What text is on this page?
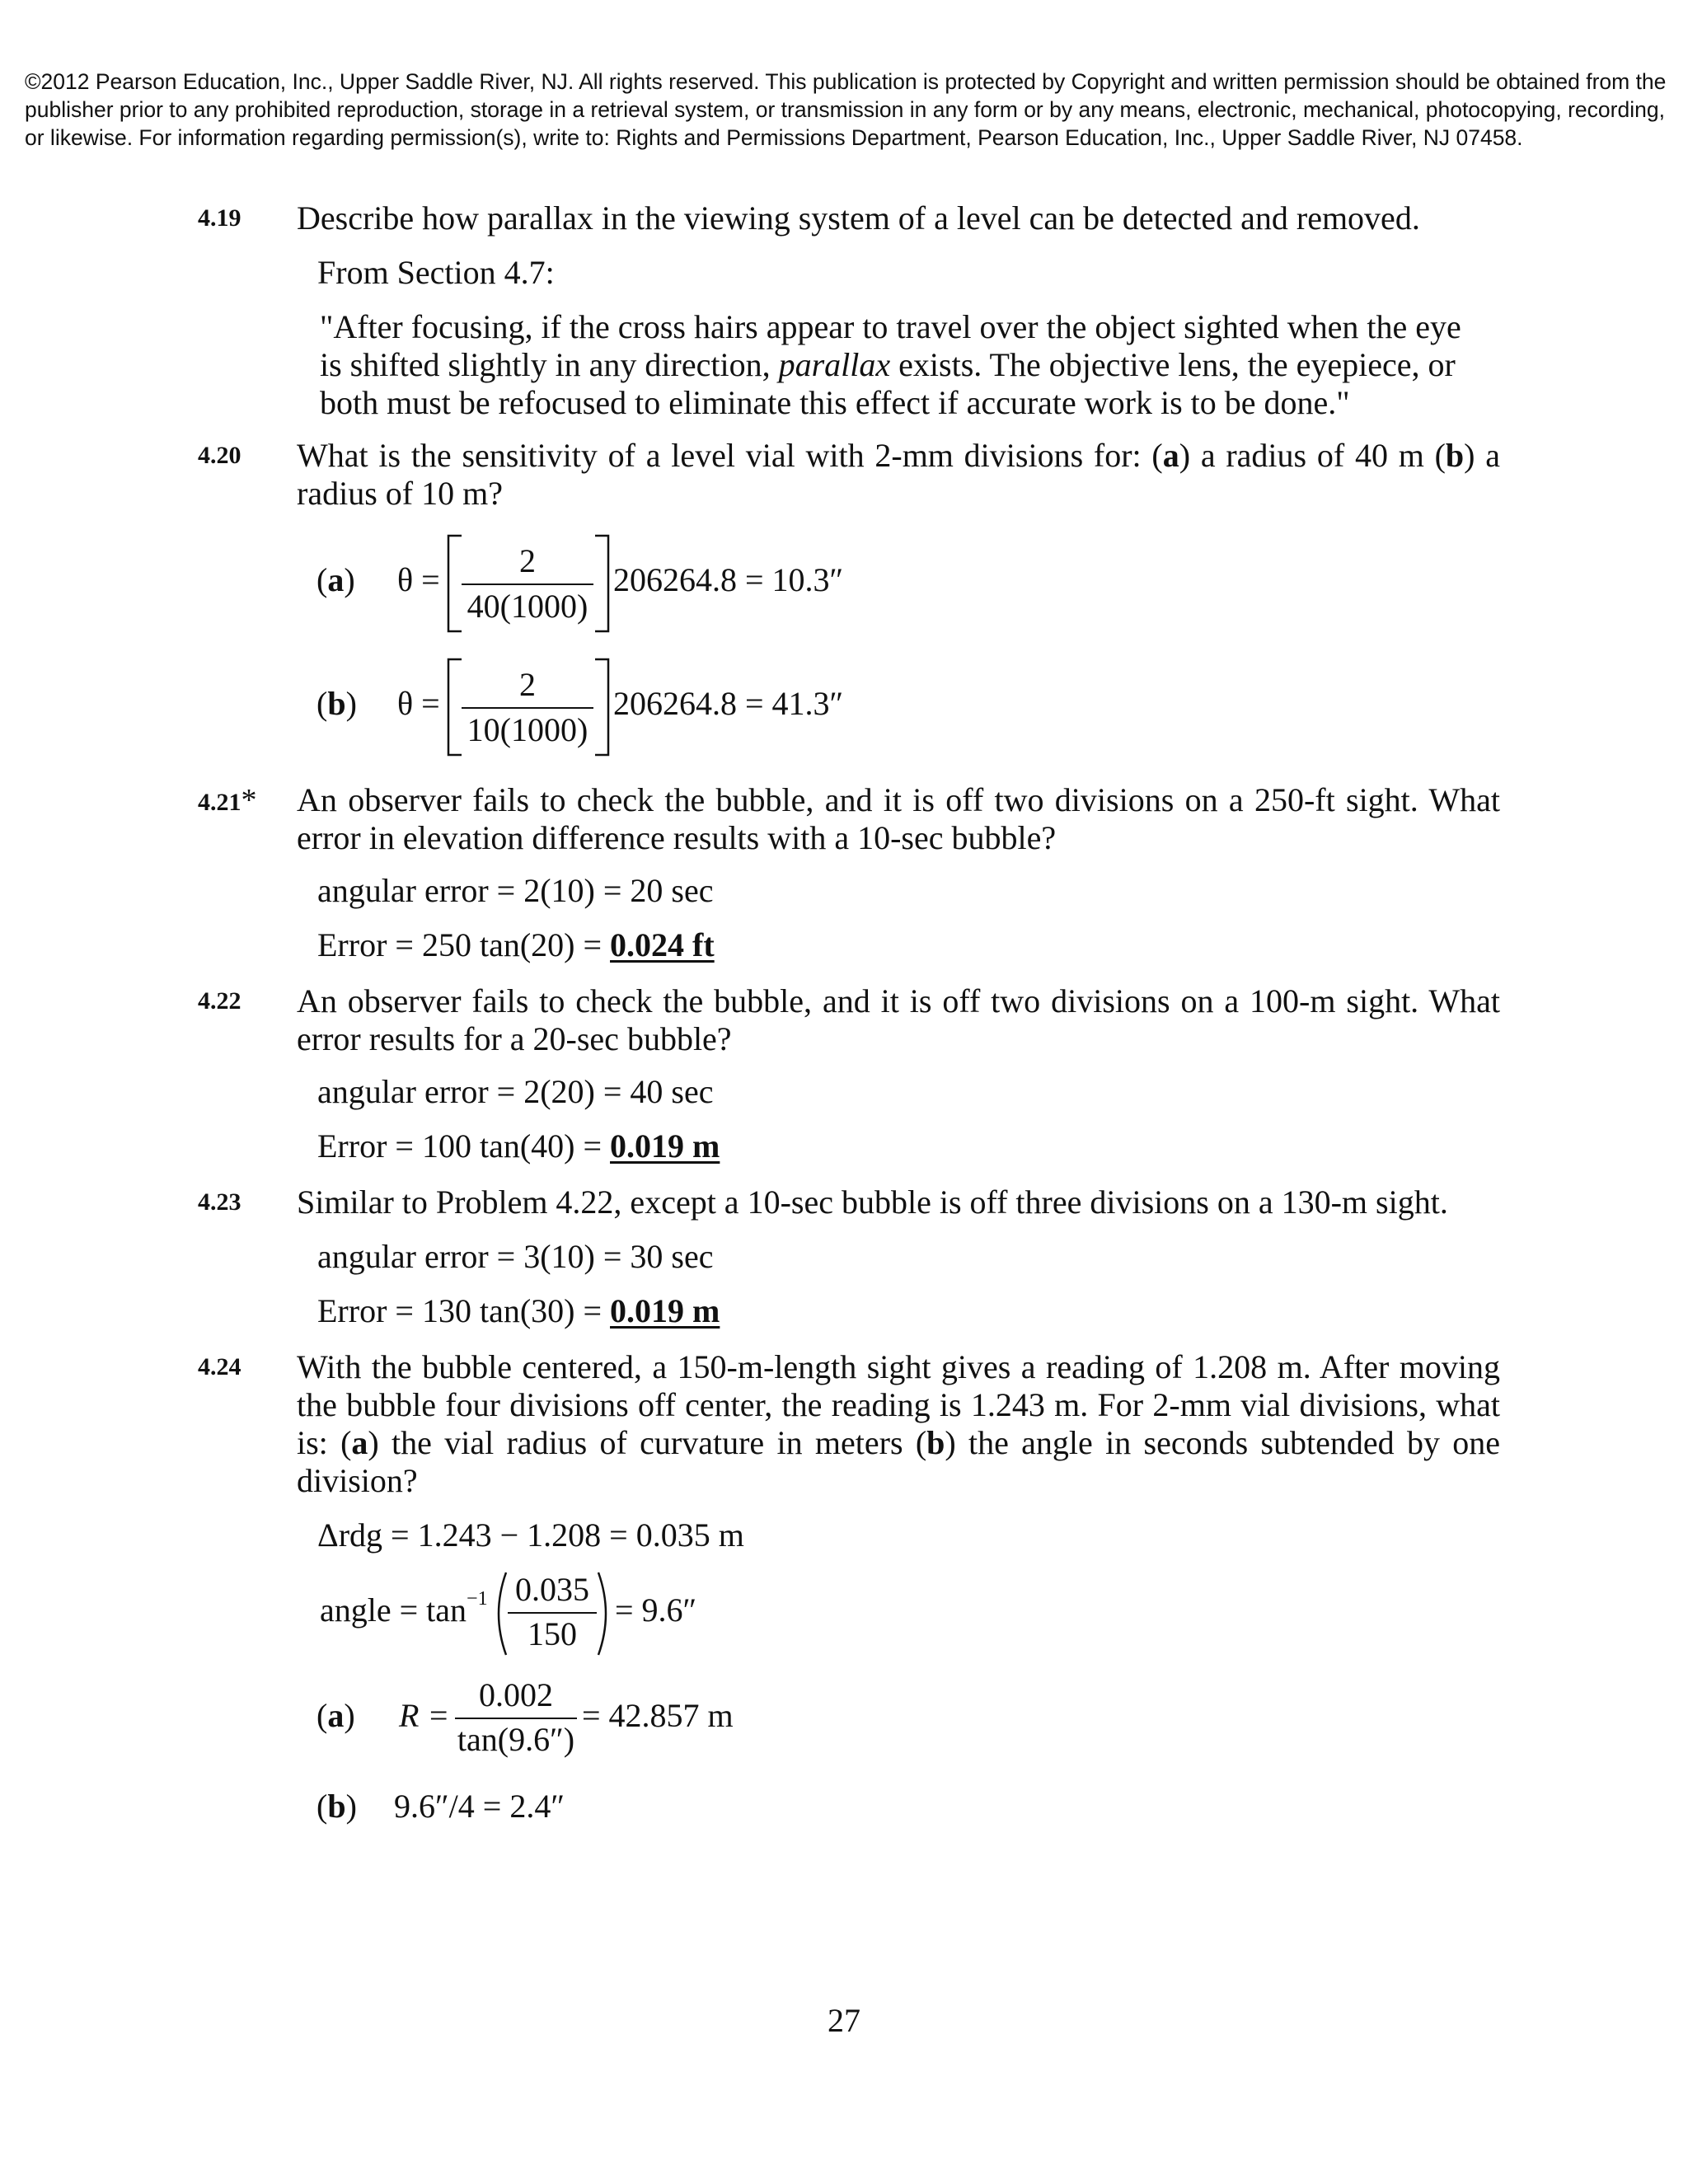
©2012 Pearson Education, Inc., Upper Saddle River, NJ. All rights reserved. This publication is protected by Copyright and written permission should be obtained from the publisher prior to any prohibited reproduction, storage in a retrieval system, or transmission in any form or by any means, electronic, mechanical, photocopying, recording, or likewise. For information regarding permission(s), write to: Rights and Permissions Department, Pearson Education, Inc., Upper Saddle River, NJ 07458.
4.19 Describe how parallax in the viewing system of a level can be detected and removed.
From Section 4.7:
"After focusing, if the cross hairs appear to travel over the object sighted when the eye is shifted slightly in any direction, parallax exists. The objective lens, the eyepiece, or both must be refocused to eliminate this effect if accurate work is to be done."
4.20 What is the sensitivity of a level vial with 2-mm divisions for: (a) a radius of 40 m (b) a radius of 10 m?
(a) θ =
2
40(1000)
206264.8 = 10.3″
(b) θ =
2
10(1000)
206264.8 = 41.3″
4.21* An observer fails to check the bubble, and it is off two divisions on a 250-ft sight. What error in elevation difference results with a 10-sec bubble?
angular error = 2(10) = 20 sec
Error = 250 tan(20) = 0.024 ft
4.22 An observer fails to check the bubble, and it is off two divisions on a 100-m sight. What error results for a 20-sec bubble?
angular error = 2(20) = 40 sec
Error = 100 tan(40) = 0.019 m
4.23 Similar to Problem 4.22, except a 10-sec bubble is off three divisions on a 130-m sight.
angular error = 3(10) = 30 sec
Error = 130 tan(30) = 0.019 m
4.24 With the bubble centered, a 150-m-length sight gives a reading of 1.208 m. After moving the bubble four divisions off center, the reading is 1.243 m. For 2-mm vial divisions, what is: (a) the vial radius of curvature in meters (b) the angle in seconds subtended by one division?
Δrdg = 1.243 − 1.208 = 0.035 m
angle = $\tan^{-1} 0.035$
150
= 9.6″
(a) R =
0.002
tan(9.6″)
= 42.857 m
(b) 9.6″/4 = 2.4″
27
